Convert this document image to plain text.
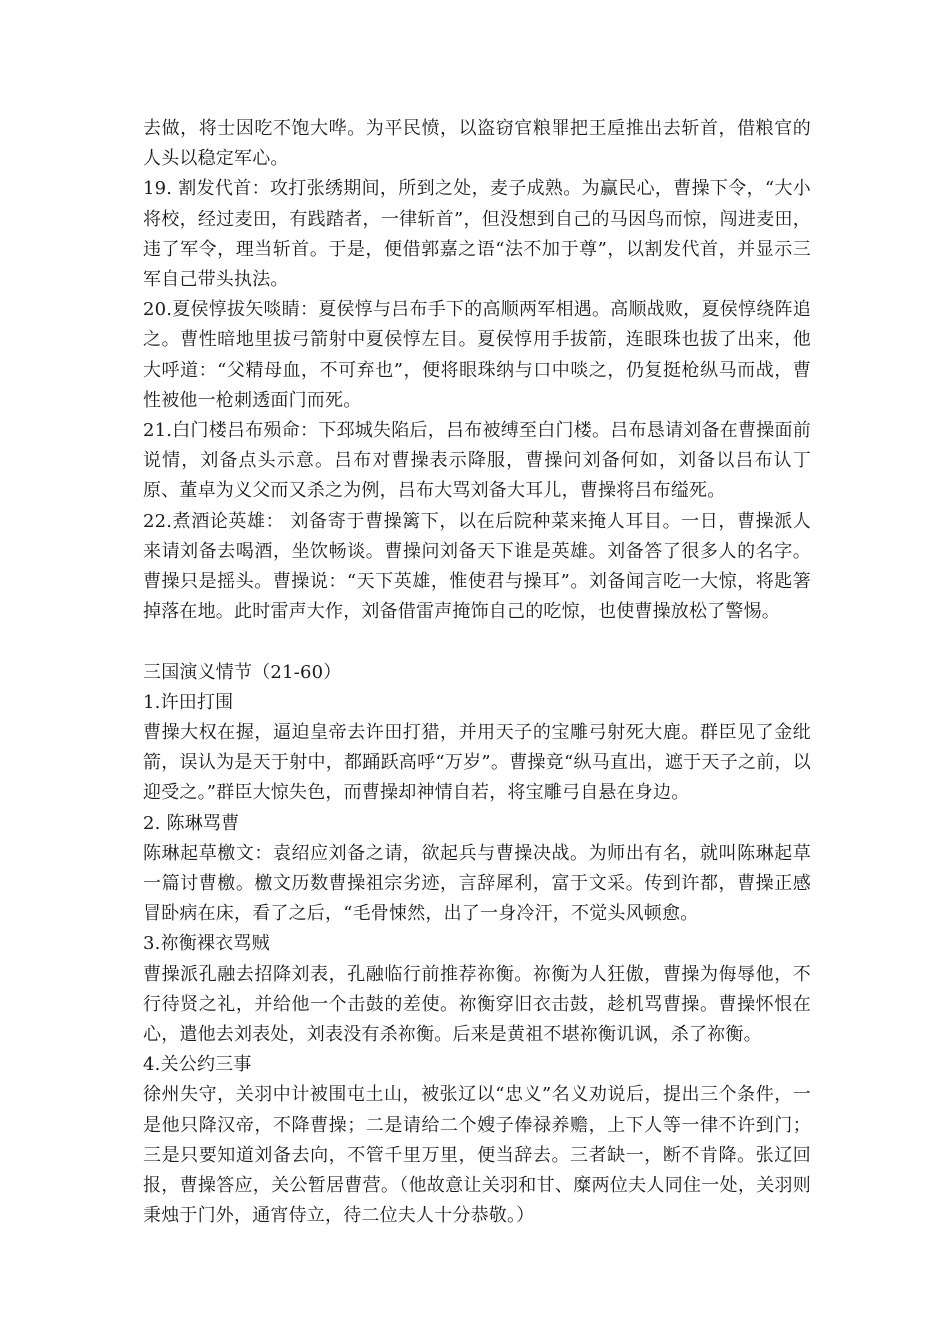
去做，将士因吃不饱大哗。为平民愤，以盗窃官粮罪把王垕推出去斩首，借粮官的人头以稳定军心。

19. 割发代首：攻打张绣期间，所到之处，麦子成熟。为赢民心，曹操下令，“大小将校，经过麦田，有践踏者，一律斩首”，但没想到自己的马因鸟而惊，闯进麦田，违了军令，理当斩首。于是，便借郭嘉之语“法不加于尊”，以割发代首，并显示三军自己带头执法。

20.夏侯惇拔矢啖睛：夏侯惇与吕布手下的高顺两军相遇。高顺战败，夏侯惇绕阵追之。曹性暗地里拔弓箭射中夏侯惇左目。夏侯惇用手拔箭，连眼珠也拔了出来，他大呼道：“父精母血，不可弃也”，便将眼珠纳与口中啖之，仍复挺枪纵马而战，曹性被他一枪刺透面门而死。

21.白门楼吕布殒命：下邳城失陷后，吕布被缚至白门楼。吕布恳请刘备在曹操面前说情，刘备点头示意。吕布对曹操表示降服，曹操问刘备何如，刘备以吕布认丁原、董卓为义父而又杀之为例，吕布大骂刘备大耳儿，曹操将吕布缢死。

22.煮酒论英雄： 刘备寄于曹操篱下，以在后院种菜来掩人耳目。一日，曹操派人来请刘备去喝酒，坐饮畅谈。曹操问刘备天下谁是英雄。刘备答了很多人的名字。曹操只是摇头。曹操说：“天下英雄，惟使君与操耳”。刘备闻言吃一大惊，将匙箸掉落在地。此时雷声大作，刘备借雷声掩饰自己的吃惊，也使曹操放松了警惕。

三国演义情节（21-60）

1.许田打围

曹操大权在握，逼迫皇帝去许田打猎，并用天子的宝雕弓射死大鹿。群臣见了金纰箭，误认为是天于射中，都踊跃高呼“万岁”。曹操竟“纵马直出，遮于天子之前，以迎受之。”群臣大惊失色，而曹操却神情自若，将宝雕弓自悬在身边。

2. 陈琳骂曹

陈琳起草檄文：袁绍应刘备之请，欲起兵与曹操决战。为师出有名，就叫陈琳起草一篇讨曹檄。檄文历数曹操祖宗劣迹，言辞犀利，富于文采。传到许都，曹操正感冒卧病在床，看了之后，“毛骨悚然，出了一身冷汗，不觉头风顿愈。

3.祢衡裸衣骂贼

曹操派孔融去招降刘表，孔融临行前推荐祢衡。祢衡为人狂傲，曹操为侮辱他，不行待贤之礼，并给他一个击鼓的差使。祢衡穿旧衣击鼓，趁机骂曹操。曹操怀恨在心，遣他去刘表处，刘表没有杀祢衡。后来是黄祖不堪祢衡讥讽，杀了祢衡。

4.关公约三事

徐州失守，关羽中计被围屯土山，被张辽以“忠义”名义劝说后，提出三个条件，一是他只降汉帝，不降曹操；二是请给二个嫂子俸禄养赡，上下人等一律不许到门；三是只要知道刘备去向，不管千里万里，便当辞去。三者缺一，断不肯降。张辽回报，曹操答应，关公暂居曹营。（他故意让关羽和甘、糜两位夫人同住一处，关羽则秉烛于门外，通宵侍立，待二位夫人十分恭敬。）
